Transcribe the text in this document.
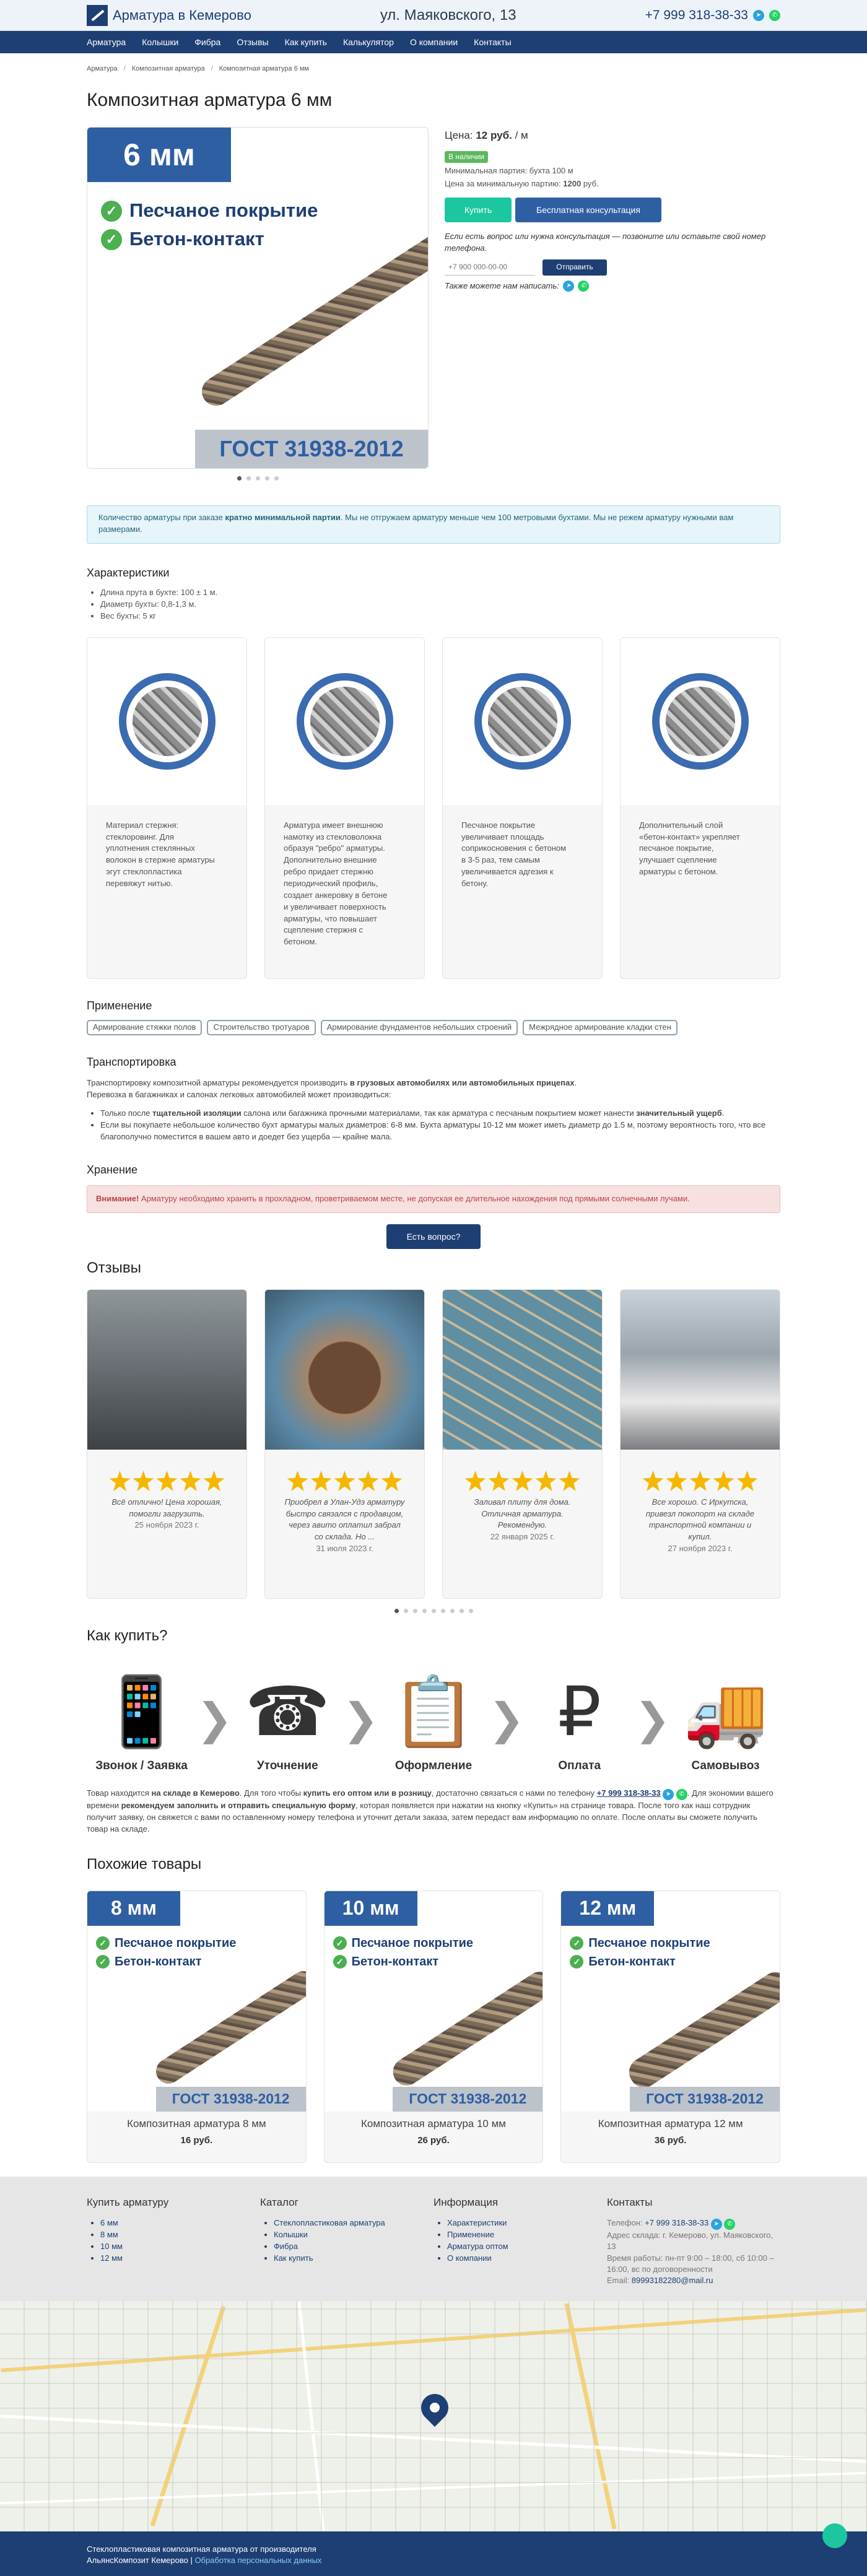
Арматура в Кемерово	ул. Маяковского, 13	+7 999 318-38-33	➤	✆
Арматура Колышки Фибра Отзывы Как купить Калькулятор О компании Контакты
Арматура / Композитная арматура / Композитная арматура 6 мм
Композитная арматура 6 мм
6 мм
✓ Песчаное покрытие
✓ Бетон-контакт
ГОСТ 31938-2012
Цена: 12 руб. / м
В наличии
Минимальная партия: бухта 100 м
Цена за минимальную партию: 1200 руб.
Купить	Бесплатная консультация
Если есть вопрос или нужна консультация — позвоните или оставьте свой номер телефона.
+7 900 000-00-00
Отправить
Также можете нам написать:	➤	✆
Количество арматуры при заказе кратно минимальной партии. Мы не отгружаем арматуру меньше чем 100 метровыми бухтами. Мы не режем арматуру нужными вам размерами.
Характеристики
• Длина прута в бухте: 100 ± 1 м.
• Диаметр бухты: 0,8-1,3 м.
• Вес бухты: 5 кг

Материал стержня: стеклоровинг. Для уплотнения стеклянных волокон в стержне арматуры эгут стеклопластика перевяжут нитью.

Арматура имеет внешнюю намотку из стекловолокна образуя "ребро" арматуры. Дополнительно внешние ребро придает стержню периодический профиль, создает анкеровку в бетоне и увеличивает поверхность арматуры, что повышает сцепление стержня с бетоном.

Песчаное покрытие увеличивает площадь соприкосновения с бетоном в 3-5 раз, тем самым увеличивается адгезия к бетону.

Дополнительный слой «бетон-контакт» укрепляет песчаное покрытие, улучшает сцепление арматуры с бетоном.

Применение
Армирование стяжки полов	Строительство тротуаров	Армирование фундаментов небольших строений	Межрядное армирование кладки стен
Транспортировка
Транспортировку композитной арматуры рекомендуется производить в грузовых автомобилях или автомобильных прицепах.
Перевозка в багажниках и салонах легковых автомобилей может производиться:
• Только после тщательной изоляции салона или багажника прочными материалами, так как арматура с песчаным покрытием может нанести значительный ущерб.
• Если вы покупаете небольшое количество бухт арматуры малых диаметров: 6-8 мм. Бухта арматуры 10-12 мм может иметь диаметр до 1.5 м, поэтому вероятность того, что все благополучно поместится в вашем авто и доедет без ущерба — крайне мала.
Хранение
Внимание! Арматуру необходимо хранить в прохладном, проветриваемом месте, не допуская ее длительное нахождения под прямыми солнечными лучами.
Есть вопрос?
Отзывы
Всё отлично! Цена хорошая, помогли загрузить.
25 ноября 2023 г.
Приобрел в Улан-Удэ арматуру быстро связался с продавцом, через авито оплатил забрал со склада. Но ...
31 июля 2023 г.
Заливал плиту для дома. Отличная арматура. Рекомендую.
22 января 2025 г.
Все хорошо. С Иркутска, привезл покопорт на складе транспортной компании и купил.
27 ноября 2023 г.
Как купить?
📱
Звонок / Заявка
❯ ☎
Уточнение
❯ 📋
Оформление
❯ ₽
Оплата
❯ 🚚
Самовывоз
Товар находится на складе в Кемерово. Для того чтобы купить его оптом или в розницу, достаточно связаться с нами по телефону +7 999 318-38-33 ➤ ✆ . Для экономии вашего времени рекомендуем заполнить и отправить специальную форму, которая появляется при нажатии на кнопку «Купить» на странице товара. После того как наш сотрудник получит заявку, он свяжется с вами по оставленному номеру телефона и уточнит детали заказа, затем передаст вам информацию по оплате. После оплаты вы сможете получить товар на складе.
Похожие товары
8 мм
✓ Песчаное покрытие
✓ Бетон-контакт
ГОСТ 31938-2012
Композитная арматура 8 мм
16 руб.
10 мм
✓ Песчаное покрытие
✓ Бетон-контакт
ГОСТ 31938-2012
Композитная арматура 10 мм
26 руб.
12 мм
✓ Песчаное покрытие
✓ Бетон-контакт
ГОСТ 31938-2012
Композитная арматура 12 мм
36 руб.
Купить арматуру
• 6 мм
• 8 мм
• 10 мм
• 12 мм
Каталог
• Стеклопластиковая арматура
• Колышки
• Фибра
• Как купить
Информация
• Характеристики
• Применение
• Арматура оптом
• О компании
Контакты
Телефон: +7 999 318-38-33 ➤ ✆
Адрес склада: г. Кемерово, ул. Маяковского, 13
Время работы: пн-пт 9:00 – 18:00, сб 10:00 – 16:00, вс по договоренности
Email: 89993182280@mail.ru
Стеклопластиковая композитная арматура от производителя
АльянсКомпозит Кемерово | Обработка персональных данных
